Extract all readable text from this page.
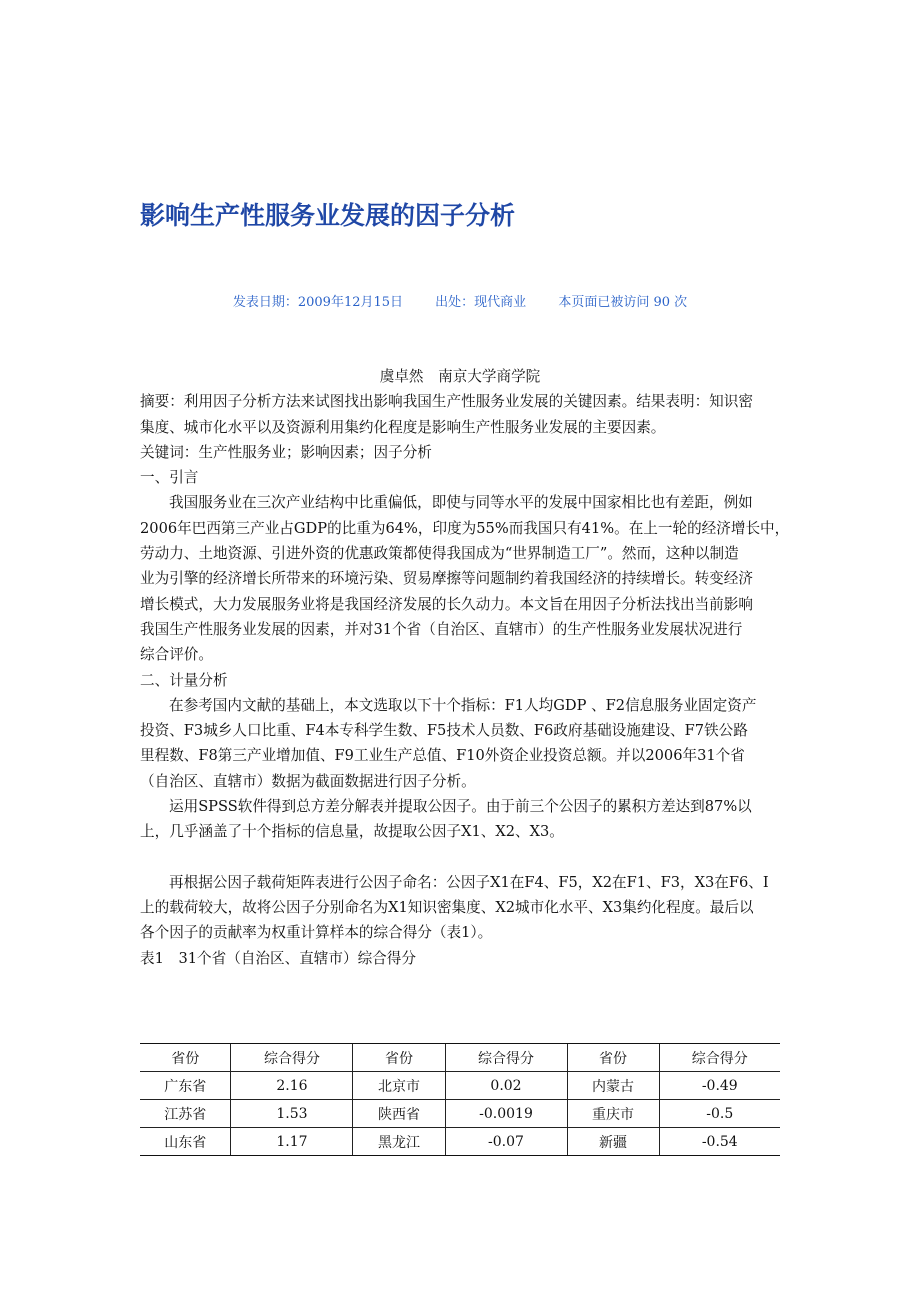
影响生产性服务业发展的因子分析
发表日期：2009年12月15日 出处：现代商业 本页面已被访问 90 次

虞卓然　南京大学商学院

摘要：利用因子分析方法来试图找出影响我国生产性服务业发展的关键因素。结果表明：知识密

集度、城市化水平以及资源利用集约化程度是影响生产性服务业发展的主要因素。

关键词：生产性服务业；影响因素；因子分析

一、引言

我国服务业在三次产业结构中比重偏低，即使与同等水平的发展中国家相比也有差距，例如

2006年巴西第三产业占GDP的比重为64%，印度为55%而我国只有41%。在上一轮的经济增长中，

劳动力、土地资源、引进外资的优惠政策都使得我国成为“世界制造工厂”。然而，这种以制造

业为引擎的经济增长所带来的环境污染、贸易摩擦等问题制约着我国经济的持续增长。转变经济

增长模式，大力发展服务业将是我国经济发展的长久动力。本文旨在用因子分析法找出当前影响

我国生产性服务业发展的因素，并对31个省（自治区、直辖市）的生产性服务业发展状况进行

综合评价。

二、计量分析

在参考国内文献的基础上，本文选取以下十个指标：F1人均GDP 、F2信息服务业固定资产

投资、F3城乡人口比重、F4本专科学生数、F5技术人员数、F6政府基础设施建设、F7铁公路

里程数、F8第三产业增加值、F9工业生产总值、F10外资企业投资总额。并以2006年31个省

（自治区、直辖市）数据为截面数据进行因子分析。

运用SPSS软件得到总方差分解表并提取公因子。由于前三个公因子的累积方差达到87%以

上，几乎涵盖了十个指标的信息量，故提取公因子X1、X2、X3。

再根据公因子载荷矩阵表进行公因子命名：公因子X1在F4、F5，X2在F1、F3，X3在F6、I

上的载荷较大，故将公因子分别命名为X1知识密集度、X2城市化水平、X3集约化程度。最后以

各个因子的贡献率为权重计算样本的综合得分（表1）。

表1　31个省（自治区、直辖市）综合得分

省份	综合得分	省份	综合得分	省份	综合得分
广东省	2.16	北京市	0.02	内蒙古	-0.49
江苏省	1.53	陕西省	-0.0019	重庆市	-0.5
山东省	1.17	黑龙江	-0.07	新疆	-0.54
